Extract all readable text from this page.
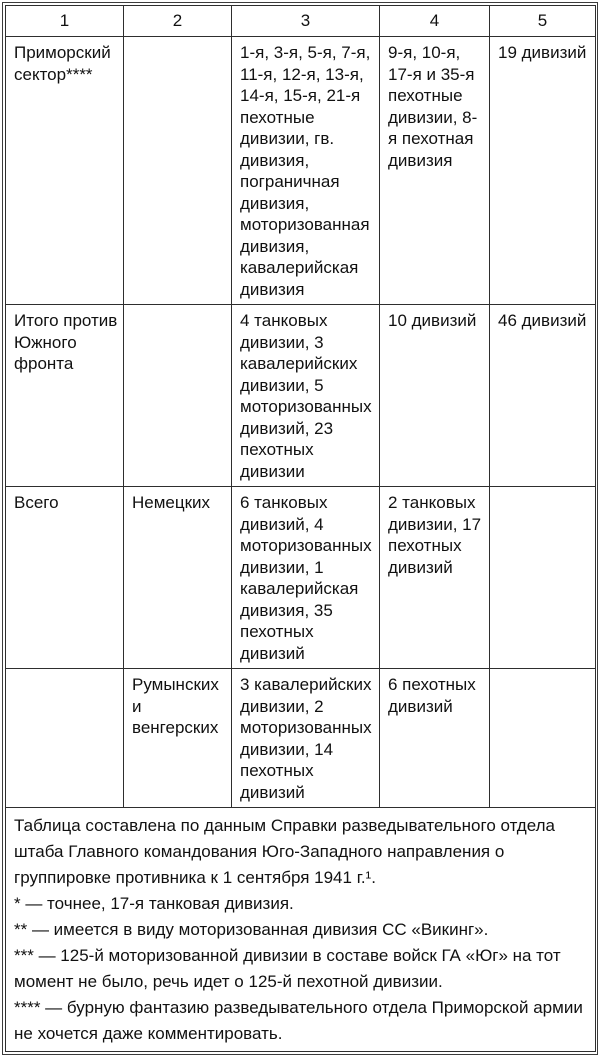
1	2	3	4	5
Приморский сектор****		1-я, 3-я, 5-я, 7-я, 11-я, 12-я, 13-я, 14-я, 15-я, 21-я пехотные дивизии, гв. дивизия, пограничная дивизия, моторизованная дивизия, кавалерийская дивизия	9-я, 10-я, 17-я и 35-я пехотные дивизии, 8-я пехотная дивизия	19 дивизий
Итого против Южного фронта		4 танковых дивизии, 3 кавалерийских дивизии, 5 моторизованных дивизий, 23 пехотных дивизии	10 дивизий	46 дивизий
Всего	Немецких	6 танковых дивизий, 4 моторизованных дивизии, 1 кавалерийская дивизия, 35 пехотных дивизий	2 танковых дивизии, 17 пехотных дивизий	
	Румынских и венгерских	3 кавалерийских дивизии, 2 моторизованных дивизии, 14 пехотных дивизий	6 пехотных дивизий	

Таблица составлена по данным Справки разведывательного отдела штаба Главного командования Юго-Западного направления о группировке противника к 1 сентября 1941 г.¹.

* — точнее, 17-я танковая дивизия.

** — имеется в виду моторизованная дивизия СС «Викинг».

*** — 125-й моторизованной дивизии в составе войск ГА «Юг» на тот момент не было, речь идет о 125-й пехотной дивизии.

**** — бурную фантазию разведывательного отдела Приморской армии не хочется даже комментировать.				
